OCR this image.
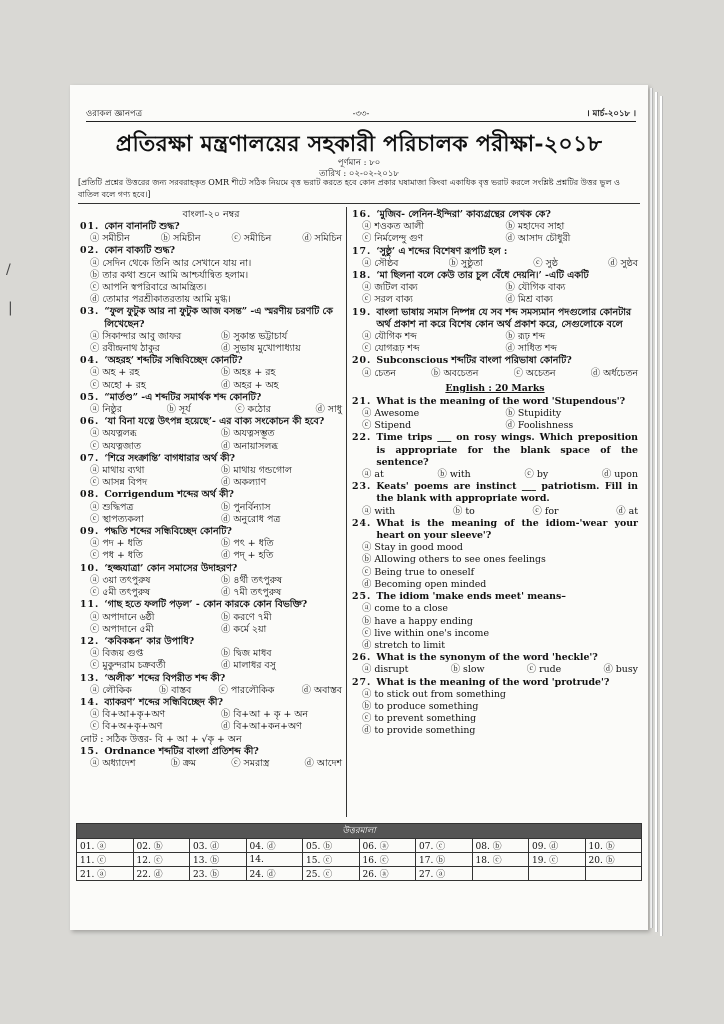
/
|
ওরাকল জ্ঞানপত্র	-৩৩-	। মার্চ-২০১৮ ।
প্রতিরক্ষা মন্ত্রণালয়ের সহকারী পরিচালক পরীক্ষা-২০১৮
পূর্ণমান : ৮০
তারিখ : ০২-০২-২০১৮
[প্রতিটি প্রশ্নের উত্তরের জন্য সরবরাহকৃত OMR শীটে সঠিক নিয়মে বৃত্ত ভরাট করতে হবে কোন প্রকার ঘষামাজা কিংবা একাধিক বৃত্ত ভরাট করলে সংশ্লিষ্ট প্রশ্নটির উত্তর ভুল ও বাতিল বলে গণ্য হবে।]
বাংলা-২০ নম্বর
01. কোন বানানটি শুদ্ধ?
ⓐ সমীচীন	ⓑ সমিচীন	ⓒ সমীচিন	ⓓ সমিচিন
02. কোন বাক্যটি শুদ্ধ?
ⓐ সেদিন থেকে তিনি আর সেখানে যায় না।
ⓑ তার কথা শুনে আমি আশ্চর্যান্বিত হলাম।
ⓒ আপনি স্বপরিবারে আমন্ত্রিত।
ⓓ তোমার পরশ্রীকাতরতায় আমি মুগ্ধ।
03. “ফুল ফুটুক আর না ফুটুক আজ বসন্ত” -এ স্মরণীয় চরণটি কে লিখেছেন?
ⓐ সিকান্দার আবু জাফর	ⓑ সুকান্ত ভট্টাচার্য
ⓒ রবীন্দ্রনাথ ঠাকুর	ⓓ সুভাষ মুখোপাধ্যায়
04. ‘অহরহ’ শব্দটির সন্ধিবিচ্ছেদ কোনটি?
ⓐ অহ + রহ	ⓑ অহঃ + রহ
ⓒ অহো + রহ	ⓓ অহর + অহ
05. “মার্তণ্ড” -এ শব্দটির সমার্থক শব্দ কোনটি?
ⓐ নিষ্ঠুর	ⓑ সূর্য	ⓒ কঠোর	ⓓ সাধু
06. ‘যা বিনা যত্নে উৎপন্ন হয়েছে’- এর বাক্য সংকোচন কী হবে?
ⓐ অযত্নলব্ধ	ⓑ অযত্নসম্ভূত
ⓒ অযত্নজাত	ⓓ অনায়াসলব্ধ
07. ‘শিরে সংক্রান্তি’ বাগধারার অর্থ কী?
ⓐ মাথায় ব্যথা	ⓑ মাথায় গন্ডগোল
ⓒ আসন্ন বিপদ	ⓓ অকল্যাণ
08. Corrigendum শব্দের অর্থ কী?
ⓐ শুদ্ধিপত্র	ⓑ পুনর্বিন্যাস
ⓒ স্থাপত্যকলা	ⓓ অনুরোধ পত্র
09. পদ্ধতি শব্দের সন্ধিবিচ্ছেদ কোনটি?
ⓐ পদ + ধতি	ⓑ পৎ + ধতি
ⓒ পধ + ধতি	ⓓ পদ্ + হতি
10. ‘হজ্জযাত্রা’ কোন সমাসের উদাহরণ?
ⓐ ৩য়া তৎপুরুষ	ⓑ ৪র্থী তৎপুরুষ
ⓒ ৫মী তৎপুরুষ	ⓓ ৭মী তৎপুরুষ
11. ‘গাছ হতে ফলটি পড়ল’ - কোন কারকে কোন বিভক্তি?
ⓐ অপাদানে ৬ষ্ঠী	ⓑ করণে ৭মী
ⓒ অপাদানে ৫মী	ⓓ কর্মে ২য়া
12. ‘কবিকঙ্কন’ কার উপাধি?
ⓐ বিজয় গুপ্ত	ⓑ দ্বিজ মাধব
ⓒ মুকুন্দরাম চক্রবর্তী	ⓓ মালাধর বসু
13. ‘অলীক’ শব্দের বিপরীত শব্দ কী?
ⓐ লৌকিক	ⓑ বাস্তব	ⓒ পারলৌকিক	ⓓ অবাস্তব
14. ব্যাকরণ’ শব্দের সন্ধিবিচ্ছেদ কী?
ⓐ বি+আ+কৃ+অণ	ⓑ বি+আ + কৃ + অন
ⓒ বি+অ+কৃ+অণ	ⓓ বি+আ+কন+অণ
নোট : সঠিক উত্তর- বি + আ + √কৃ + অন
15. Ordnance শব্দটির বাংলা প্রতিশব্দ কী?
ⓐ অধ্যাদেশ	ⓑ ক্রম	ⓒ সমরাস্ত্র	ⓓ আদেশ
16. ‘মুজিব- লেনিন-ইন্দিরা’ কাব্যগ্রন্থের লেখক কে?
ⓐ শওকত আলী	ⓑ মহাদেব সাহা
ⓒ নির্মলেন্দু গুণ	ⓓ আসাদ চৌধুরী
17. ‘সুষ্ঠু’ এ শব্দের বিশেষণ রূপটি হল :
ⓐ সৌষ্ঠব	ⓑ সুষ্ঠুতা	ⓒ সুষ্ঠ	ⓓ সুষ্ঠব
18. ‘মা ছিলনা বলে কেউ তার চুল বেঁধে দেয়নি।’ -এটি একটি
ⓐ জটিল বাক্য	ⓑ যৌগিক বাক্য
ⓒ সরল বাক্য	ⓓ মিশ্র বাক্য
19. বাংলা ভাষায় সমাস নিষ্পন্ন যে সব শব্দ সমস্যমান পদগুলোর কোনটার অর্থ প্রকাশ না করে বিশেষ কোন অর্থ প্রকাশ করে, সেগুলোকে বলে
ⓐ যৌগিক শব্দ	ⓑ রূঢ় শব্দ
ⓒ যোগরূঢ় শব্দ	ⓓ সাধিত শব্দ
20. Subconscious শব্দটির বাংলা পরিভাষা কোনটি?
ⓐ চেতন	ⓑ অবচেতন	ⓒ অচেতন	ⓓ অর্ধচেতন
English : 20 Marks
21. What is the meaning of the word 'Stupendous'?
ⓐ Awesome	ⓑ Stupidity
ⓒ Stipend	ⓓ Foolishness
22. Time trips ___ on rosy wings. Which preposition is appropriate for the blank space of the sentence?
ⓐ at	ⓑ with	ⓒ by	ⓓ upon
23. Keats' poems are instinct ___ patriotism. Fill in the blank with appropriate word.
ⓐ with	ⓑ to	ⓒ for	ⓓ at
24. What is the meaning of the idiom-'wear your heart on your sleeve'?
ⓐ Stay in good mood
ⓑ Allowing others to see ones feelings
ⓒ Being true to oneself
ⓓ Becoming open minded
25. The idiom 'make ends meet' means–
ⓐ come to a close
ⓑ have a happy ending
ⓒ live within one's income
ⓓ stretch to limit
26. What is the synonym of the word 'heckle'?
ⓐ disrupt	ⓑ slow	ⓒ rude	ⓓ busy
27. What is the meaning of the word 'protrude'?
ⓐ to stick out from something
ⓑ to produce something
ⓒ to prevent something
ⓓ to provide something
উত্তরমালা									
01. ⓐ	02. ⓑ	03. ⓓ	04. ⓓ	05. ⓑ	06. ⓐ	07. ⓒ	08. ⓑ	09. ⓓ	10. ⓑ
11. ⓒ	12. ⓒ	13. ⓑ	14.	15. ⓒ	16. ⓒ	17. ⓑ	18. ⓒ	19. ⓒ	20. ⓑ
21. ⓐ	22. ⓓ	23. ⓑ	24. ⓓ	25. ⓒ	26. ⓐ	27. ⓐ			
